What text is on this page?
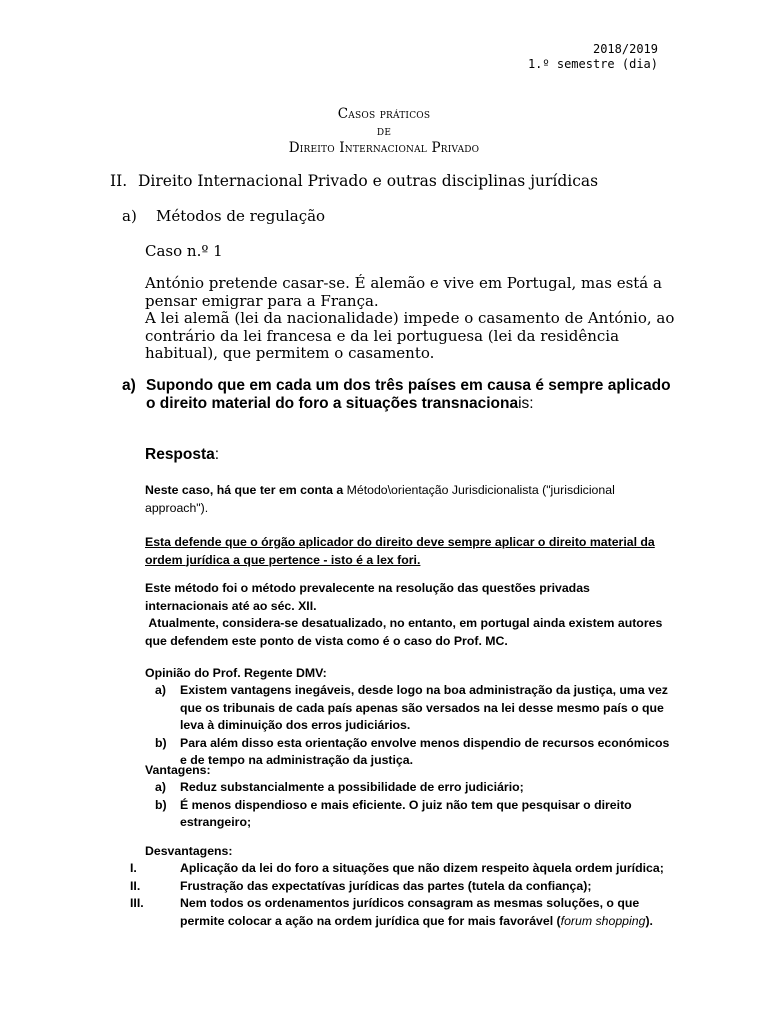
2018/2019
1.º semestre (dia)
Casos práticos
de
Direito Internacional Privado
II. Direito Internacional Privado e outras disciplinas jurídicas
a) Métodos de regulação
Caso n.º 1

António pretende casar-se. É alemão e vive em Portugal, mas está a pensar emigrar para a França.

A lei alemã (lei da nacionalidade) impede o casamento de António, ao contrário da lei francesa e da lei portuguesa (lei da residência habitual), que permitem o casamento.

a) Supondo que em cada um dos três países em causa é sempre aplicado o direito material do foro a situações transnacionais:
Resposta:

Neste caso, há que ter em conta a Método\orientação Jurisdicionalista ("jurisdicional approach").

Esta defende que o órgão aplicador do direito deve sempre aplicar o direito material da ordem jurídica a que pertence - isto é a lex fori.

Este método foi o método prevalecente na resolução das questões privadas internacionais até ao séc. XII.

Atualmente, considera-se desatualizado, no entanto, em portugal ainda existem autores que defendem este ponto de vista como é o caso do Prof. MC.

Opinião do Prof. Regente DMV:
a) Existem vantagens inegáveis, desde logo na boa administração da justiça, uma vez que os tribunais de cada país apenas são versados na lei desse mesmo país o que leva à diminuição dos erros judiciários.
b) Para além disso esta orientação envolve menos dispendio de recursos económicos e de tempo na administração da justiça.
Vantagens:
a) Reduz substancialmente a possibilidade de erro judiciário;
b) É menos dispendioso e mais eficiente. O juiz não tem que pesquisar o direito estrangeiro;
Desvantagens:
I.	Aplicação da lei do foro a situações que não dizem respeito àquela ordem jurídica;
II.	Frustração das expectatívas jurídicas das partes (tutela da confiança);
III.	Nem todos os ordenamentos jurídicos consagram as mesmas soluções, o que permite colocar a ação na ordem jurídica que for mais favorável (forum shopping).
